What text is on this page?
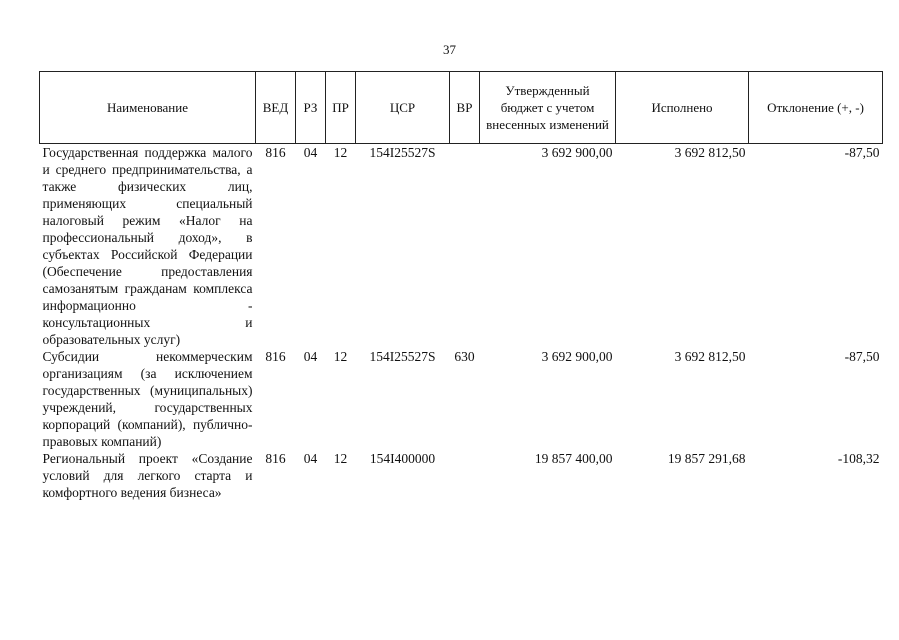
37
Наименование	ВЕД	РЗ	ПР	ЦСР	ВР	Утвержденный бюджет с учетом внесенных изменений	Исполнено	Отклонение (+, -)
Государственная поддержка малого и среднего предпринимательства, а также физических лиц, применяющих специальный налоговый режим «Налог на профессиональный доход», в субъектах Российской Федерации (Обеспечение предоставления самозанятым гражданам комплекса информационно - консультационных и образовательных услуг)	816	04	12	154I25527S		3 692 900,00	3 692 812,50	-87,50
Субсидии некоммерческим организациям (за исключением государственных (муниципальных) учреждений, государственных корпораций (компаний), публично-правовых компаний)	816	04	12	154I25527S	630	3 692 900,00	3 692 812,50	-87,50
Региональный проект «Создание условий для легкого старта и комфортного ведения бизнеса»	816	04	12	154I400000		19 857 400,00	19 857 291,68	-108,32
